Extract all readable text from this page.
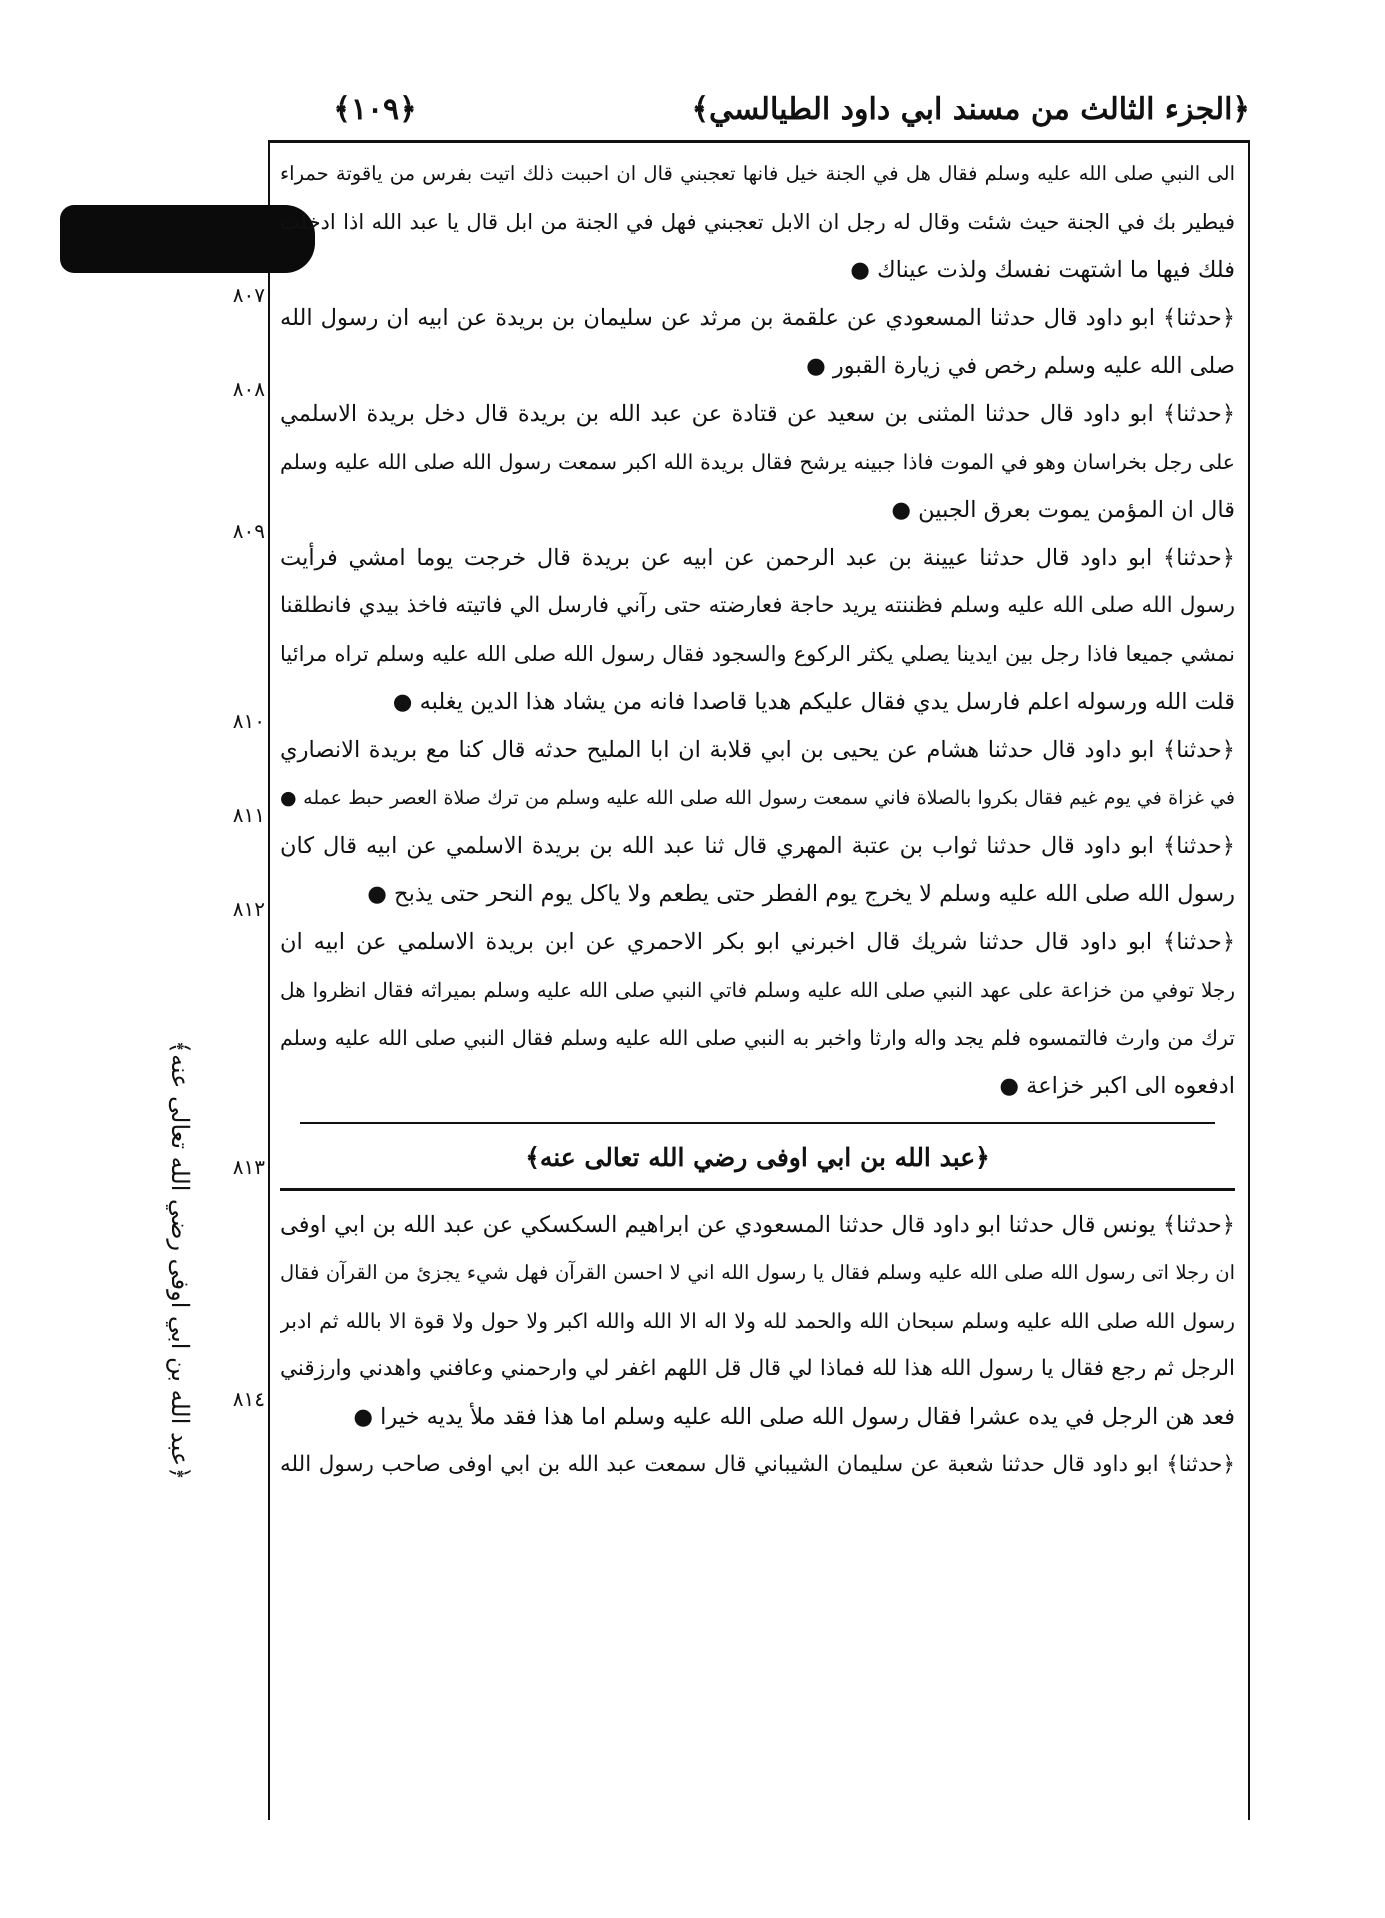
﴿١٠٩﴾	﴿الجزء الثالث من مسند ابي داود الطيالسي﴾
﴿عبد الله بن ابي اوفى رضي الله تعالى عنه﴾
٨٠٧
٨٠٨
٨٠٩
٨١٠
٨١١
٨١٢
٨١٣
٨١٤
الى النبي صلى الله عليه وسلم فقال هل في الجنة خيل فانها تعجبني قال ان احببت ذلك اتيت بفرس من ياقوتة حمراء
فيطير بك في الجنة حيث شئت وقال له رجل ان الابل تعجبني فهل في الجنة من ابل قال يا عبد الله اذا ادخلت
فلك فيها ما اشتهت نفسك ولذت عيناك ●
﴿حدثنا﴾ ابو داود قال حدثنا المسعودي عن علقمة بن مرثد عن سليمان بن بريدة عن ابيه ان رسول الله
صلى الله عليه وسلم رخص في زيارة القبور ●
﴿حدثنا﴾ ابو داود قال حدثنا المثنى بن سعيد عن قتادة عن عبد الله بن بريدة قال دخل بريدة الاسلمي
على رجل بخراسان وهو في الموت فاذا جبينه يرشح فقال بريدة الله اكبر سمعت رسول الله صلى الله عليه وسلم
قال ان المؤمن يموت بعرق الجبين ●
﴿حدثنا﴾ ابو داود قال حدثنا عيينة بن عبد الرحمن عن ابيه عن بريدة قال خرجت يوما امشي فرأيت
رسول الله صلى الله عليه وسلم فظننته يريد حاجة فعارضته حتى رآني فارسل الي فاتيته فاخذ بيدي فانطلقنا
نمشي جميعا فاذا رجل بين ايدينا يصلي يكثر الركوع والسجود فقال رسول الله صلى الله عليه وسلم تراه مرائيا
قلت الله ورسوله اعلم فارسل يدي فقال عليكم هديا قاصدا فانه من يشاد هذا الدين يغلبه ●
﴿حدثنا﴾ ابو داود قال حدثنا هشام عن يحيى بن ابي قلابة ان ابا المليح حدثه قال كنا مع بريدة الانصاري
في غزاة في يوم غيم فقال بكروا بالصلاة فاني سمعت رسول الله صلى الله عليه وسلم من ترك صلاة العصر حبط عمله ●
﴿حدثنا﴾ ابو داود قال حدثنا ثواب بن عتبة المهري قال ثنا عبد الله بن بريدة الاسلمي عن ابيه قال كان
رسول الله صلى الله عليه وسلم لا يخرج يوم الفطر حتى يطعم ولا ياكل يوم النحر حتى يذبح ●
﴿حدثنا﴾ ابو داود قال حدثنا شريك قال اخبرني ابو بكر الاحمري عن ابن بريدة الاسلمي عن ابيه ان
رجلا توفي من خزاعة على عهد النبي صلى الله عليه وسلم فاتي النبي صلى الله عليه وسلم بميراثه فقال انظروا هل
ترك من وارث فالتمسوه فلم يجد واله وارثا واخبر به النبي صلى الله عليه وسلم فقال النبي صلى الله عليه وسلم
ادفعوه الى اكبر خزاعة ●
﴿عبد الله بن ابي اوفى رضي الله تعالى عنه﴾
﴿حدثنا﴾ يونس قال حدثنا ابو داود قال حدثنا المسعودي عن ابراهيم السكسكي عن عبد الله بن ابي اوفى
ان رجلا اتى رسول الله صلى الله عليه وسلم فقال يا رسول الله اني لا احسن القرآن فهل شيء يجزئ من القرآن فقال
رسول الله صلى الله عليه وسلم سبحان الله والحمد لله ولا اله الا الله والله اكبر ولا حول ولا قوة الا بالله ثم ادبر
الرجل ثم رجع فقال يا رسول الله هذا لله فماذا لي قال قل اللهم اغفر لي وارحمني وعافني واهدني وارزقني
فعد هن الرجل في يده عشرا فقال رسول الله صلى الله عليه وسلم اما هذا فقد ملأ يديه خيرا ●
﴿حدثنا﴾ ابو داود قال حدثنا شعبة عن سليمان الشيباني قال سمعت عبد الله بن ابي اوفى صاحب رسول الله
